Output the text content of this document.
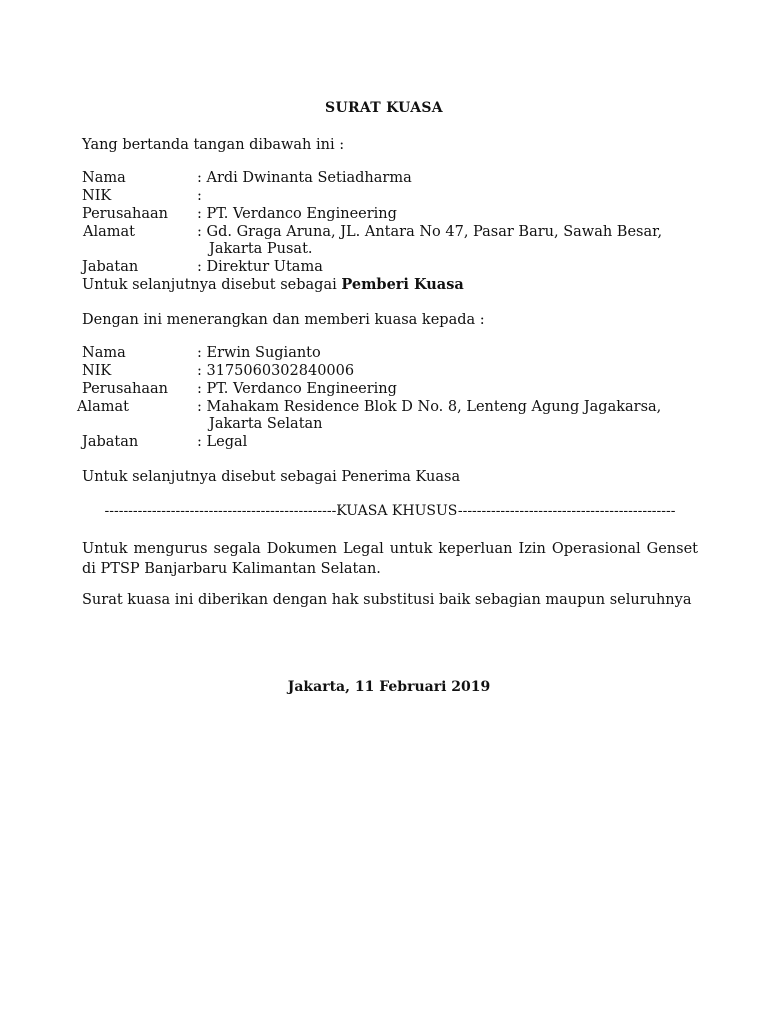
SURAT KUASA
Yang bertanda tangan dibawah ini :
Nama	: Ardi Dwinanta Setiadharma
NIK	:
Perusahaan : PT. Verdanco Engineering
Alamat	: Gd. Graga Aruna, JL. Antara No 47, Pasar Baru, Sawah Besar,
Jakarta Pusat.
Jabatan	: Direktur Utama
Untuk selanjutnya disebut sebagai Pemberi Kuasa
Dengan ini menerangkan dan memberi kuasa kepada :
Nama	: Erwin Sugianto
NIK	: 3175060302840006
Perusahaan : PT. Verdanco Engineering
Alamat	: Mahakam Residence Blok D No. 8, Lenteng Agung Jagakarsa,
Jakarta Selatan
Jabatan	: Legal
Untuk selanjutnya disebut sebagai Penerima Kuasa
-------------------------------------------------KUASA KHUSUS----------------------------------------------
Untuk mengurus segala Dokumen Legal untuk keperluan Izin Operasional Genset di PTSP Banjarbaru Kalimantan Selatan.
Surat kuasa ini diberikan dengan hak substitusi baik sebagian maupun seluruhnya
Jakarta, 11 Februari 2019
